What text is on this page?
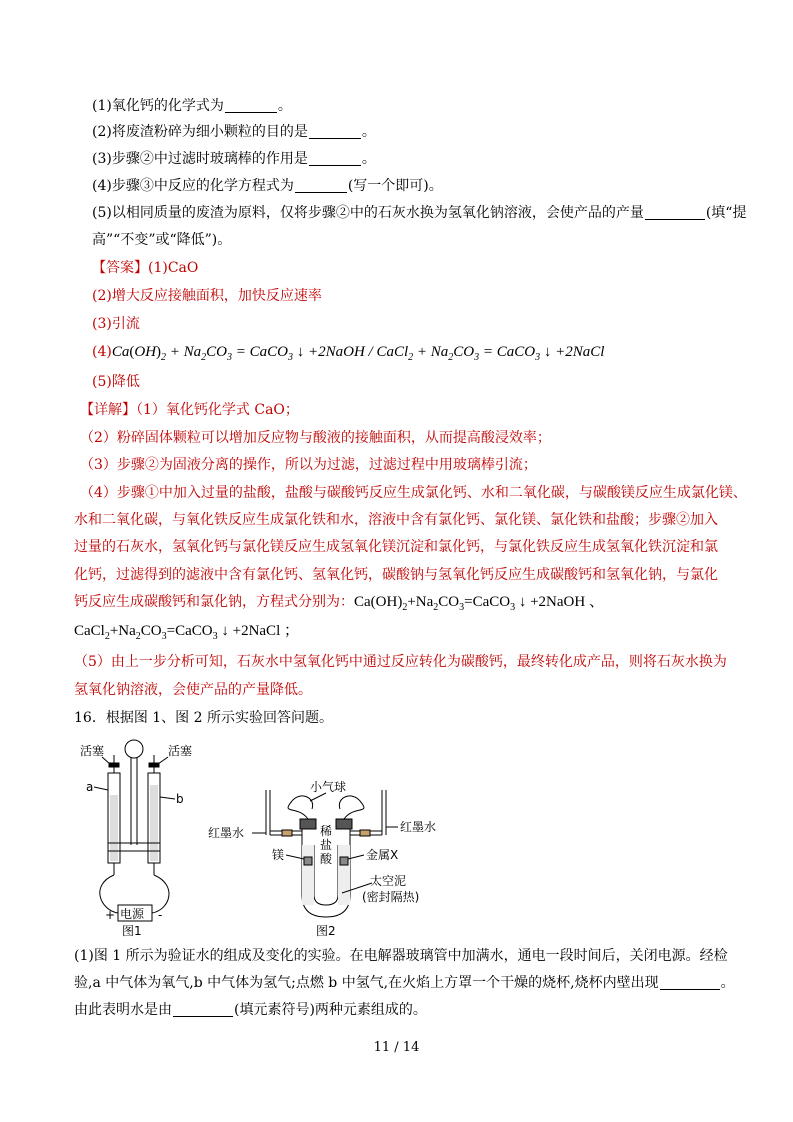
(1)氧化钙的化学式为	。
(2)将废渣粉碎为细小颗粒的目的是	。
(3)步骤②中过滤时玻璃棒的作用是	。
(4)步骤③中反应的化学方程式为	(写一个即可)。
(5)以相同质量的废渣为原料，仅将步骤②中的石灰水换为氢氧化钠溶液，会使产品的产量	(填“提
高”“不变”或“降低”)。
【答案】(1)CaO
(2)增大反应接触面积，加快反应速率
(3)引流
$(4)Ca(OH)_2 + Na_2CO_3$ = CaCO$_3$ ↓ +2NaOH / CaCl$_2$ + $Na_2CO_3$ = CaCO$_3$ ↓ +2NaCl
(5)降低
【详解】（1）氧化钙化学式 CaO；
（2）粉碎固体颗粒可以增加反应物与酸液的接触面积，从而提高酸浸效率；
（3）步骤②为固液分离的操作，所以为过滤，过滤过程中用玻璃棒引流；
（4）步骤①中加入过量的盐酸，盐酸与碳酸钙反应生成氯化钙、水和二氧化碳，与碳酸镁反应生成氯化镁、
水和二氧化碳，与氧化铁反应生成氯化铁和水，溶液中含有氯化钙、氯化镁、氯化铁和盐酸；步骤②加入
过量的石灰水，氢氧化钙与氯化镁反应生成氢氧化镁沉淀和氯化钙，与氯化铁反应生成氢氧化铁沉淀和氯
化钙，过滤得到的滤液中含有氯化钙、氢氧化钙，碳酸钠与氢氧化钙反应生成碳酸钙和氢氧化钠，与氯化
钙反应生成碳酸钙和氯化钠，方程式分别为：$Ca(OH)_2+Na_2CO_3=CaCO_3$ ↓ +2NaOH 、
$CaCl_2+Na_2CO_3=CaCO_3$ ↓ +2NaCl ；
（5）由上一步分析可知，石灰水中氢氧化钙中通过反应转化为碳酸钙，最终转化成产品，则将石灰水换为
氢氧化钠溶液，会使产品的产量降低。
16．根据图 1、图 2 所示实验回答问题。
活塞	活塞
a
b
电源
+	-
图1
小气球
红墨水	红墨水
稀
盐
酸
镁	金属X
太空泥
(密封隔热)
图2
(1)图 1 所示为验证水的组成及变化的实验。在电解器玻璃管中加满水，通电一段时间后，关闭电源。经检
验,a 中气体为氧气,b 中气体为氢气;点燃 b 中氢气,在火焰上方罩一个干燥的烧杯,烧杯内壁出现	。
由此表明水是由	(填元素符号)两种元素组成的。
11 / 14
